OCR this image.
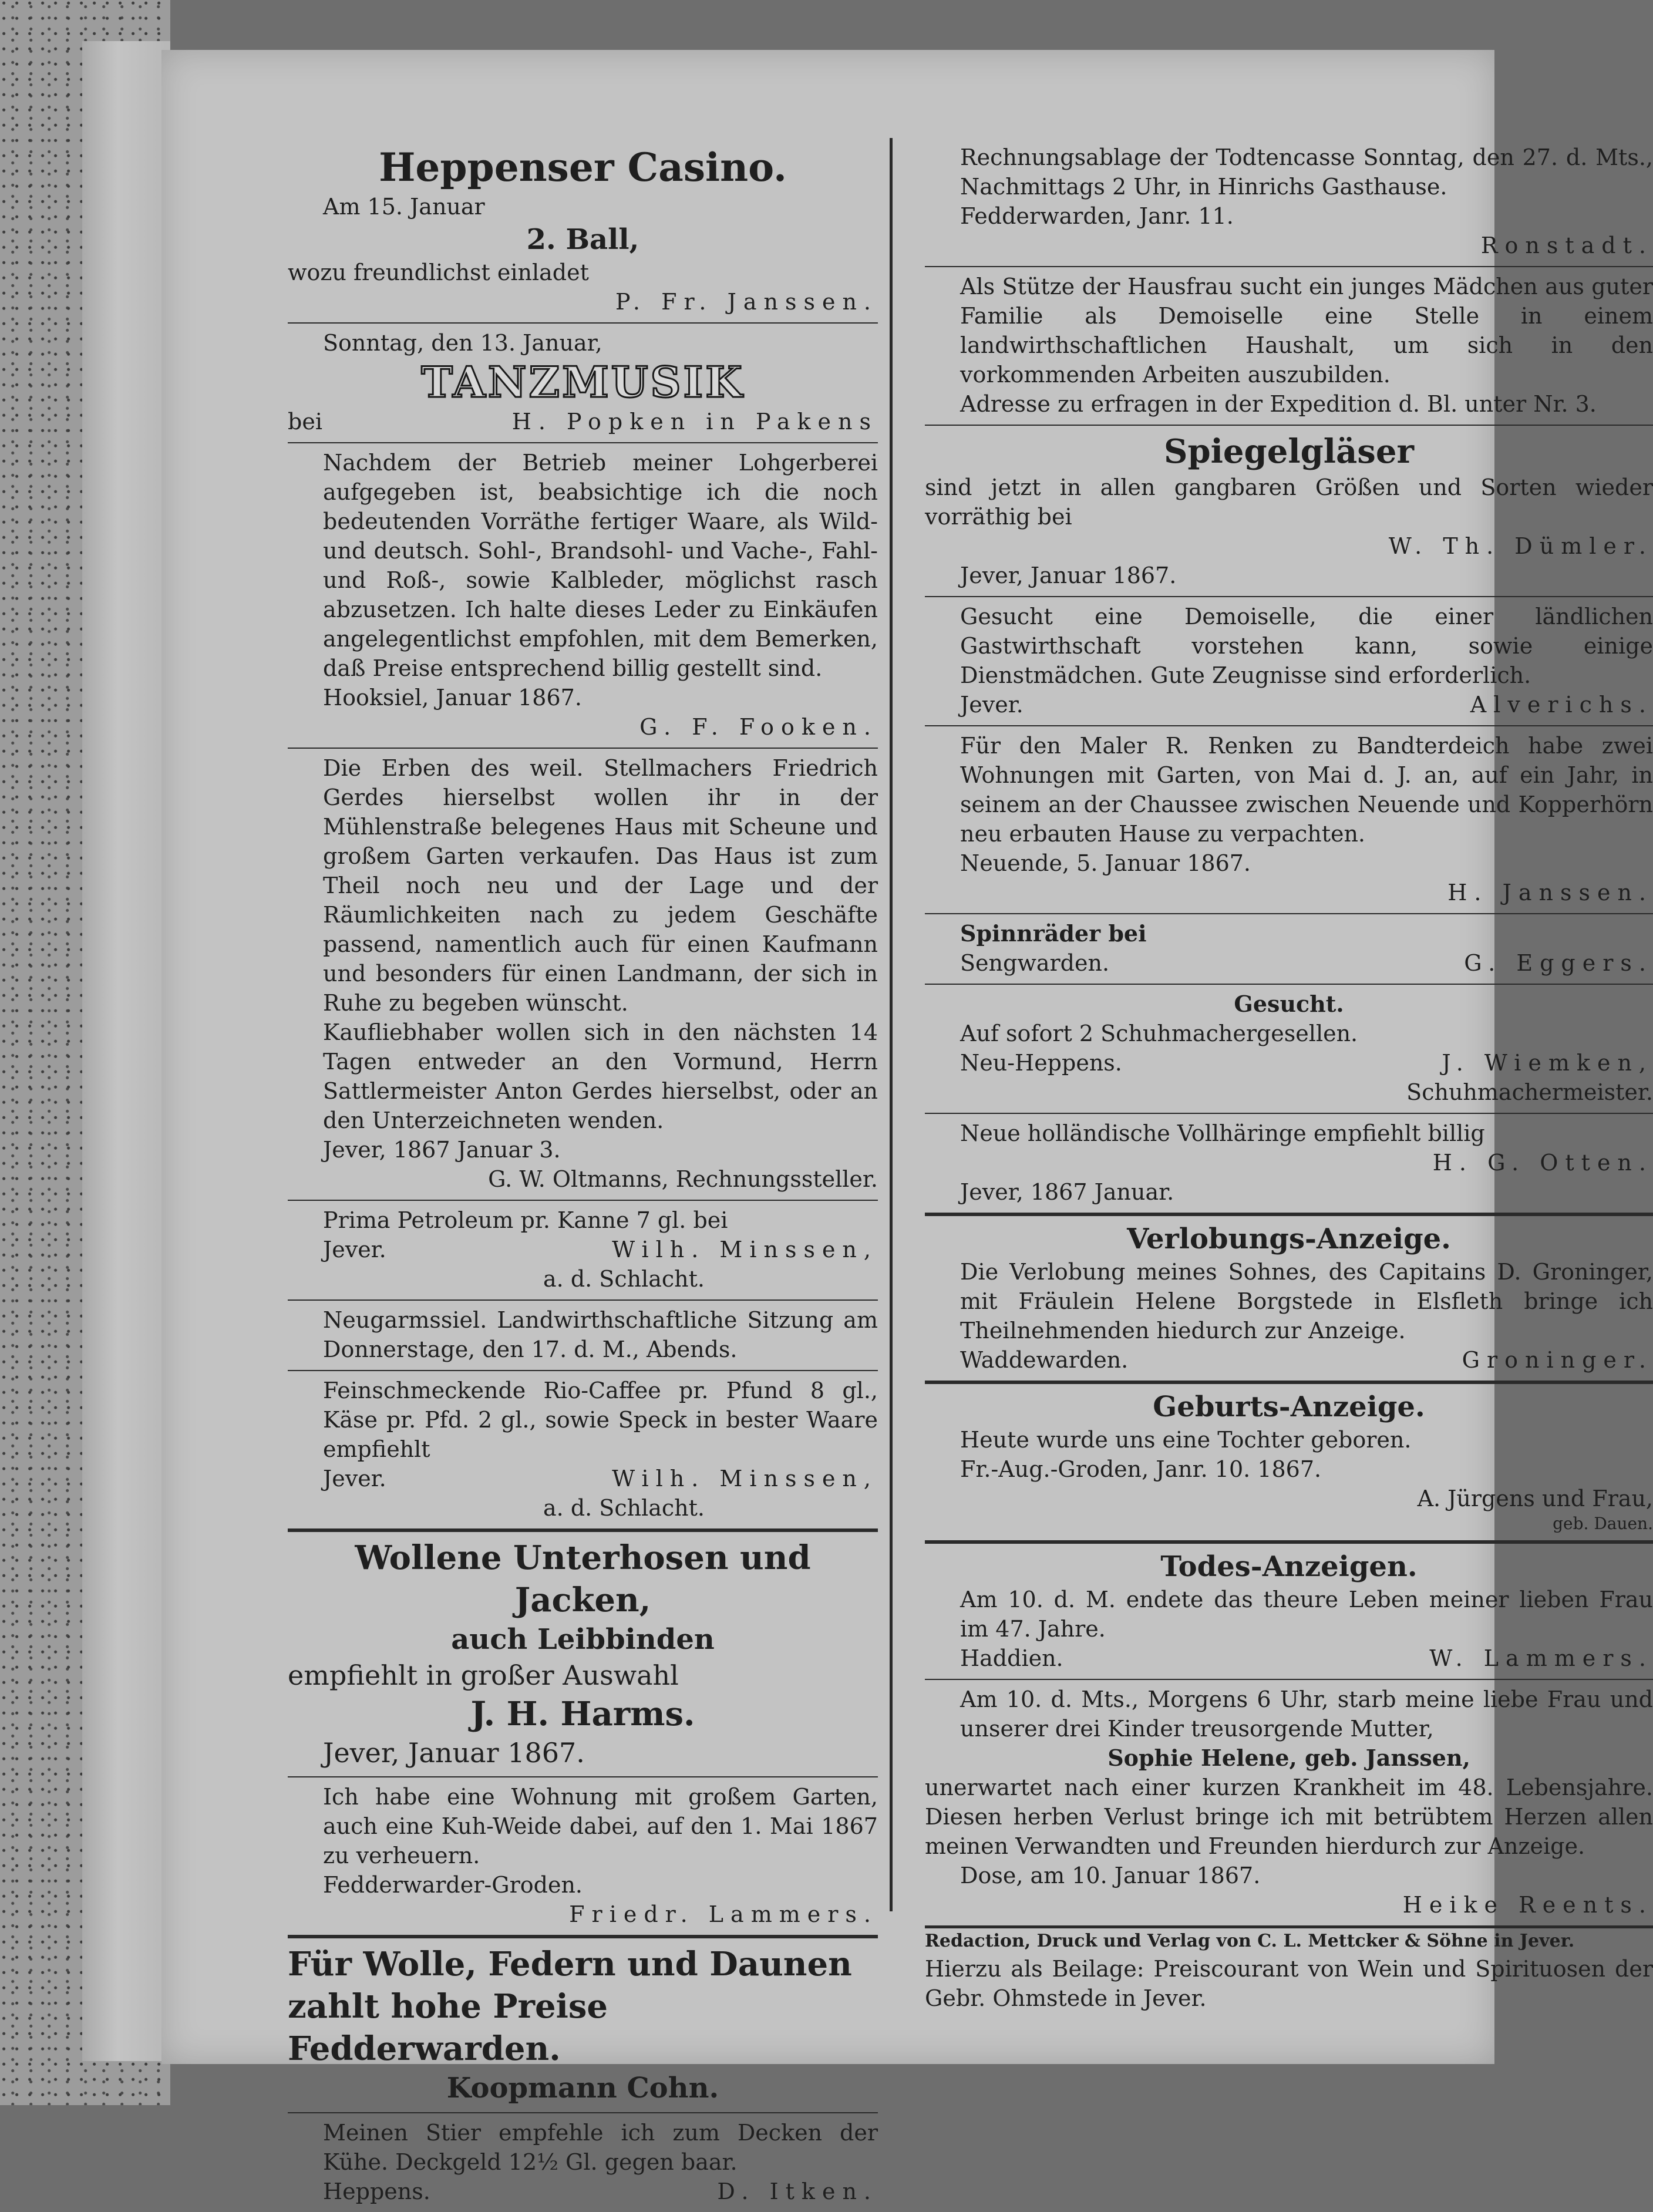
Heppenser Casino.
Am 15. Januar
2. Ball,
wozu freundlichst einladet
P. Fr. Janssen.
Sonntag, den 13. Januar,
TANZMUSIK
bei	H. Popken in Pakens
Nachdem der Betrieb meiner Lohgerberei aufgegeben ist, beabsichtige ich die noch bedeutenden Vorräthe fertiger Waare, als Wild- und deutsch. Sohl-, Brandsohl- und Vache-, Fahl- und Roß-, sowie Kalbleder, möglichst rasch abzusetzen. Ich halte dieses Leder zu Einkäufen angelegentlichst empfohlen, mit dem Bemerken, daß Preise entsprechend billig gestellt sind.
Hooksiel, Januar 1867.
G. F. Fooken.
Die Erben des weil. Stellmachers Friedrich Gerdes hierselbst wollen ihr in der Mühlenstraße belegenes Haus mit Scheune und großem Garten verkaufen. Das Haus ist zum Theil noch neu und der Lage und der Räumlichkeiten nach zu jedem Geschäfte passend, namentlich auch für einen Kaufmann und besonders für einen Landmann, der sich in Ruhe zu begeben wünscht.
Kaufliebhaber wollen sich in den nächsten 14 Tagen entweder an den Vormund, Herrn Sattlermeister Anton Gerdes hierselbst, oder an den Unterzeichneten wenden.
Jever, 1867 Januar 3.
G. W. Oltmanns, Rechnungssteller.
Prima Petroleum pr. Kanne 7 gl. bei
Jever.	Wilh. Minssen,
a. d. Schlacht.
Neugarmssiel. Landwirthschaftliche Sitzung am Donnerstage, den 17. d. M., Abends.
Feinschmeckende Rio-Caffee pr. Pfund 8 gl., Käse pr. Pfd. 2 gl., sowie Speck in bester Waare empfiehlt
Jever.	Wilh. Minssen,
a. d. Schlacht.
Wollene Unterhosen und Jacken,
auch Leibbinden
empfiehlt in großer Auswahl
J. H. Harms.
Jever, Januar 1867.
Ich habe eine Wohnung mit großem Garten, auch eine Kuh-Weide dabei, auf den 1. Mai 1867 zu verheuern.
Fedderwarder-Groden.
Friedr. Lammers.
Für Wolle, Federn und Daunen
zahlt hohe Preise
Fedderwarden.
Koopmann Cohn.
Meinen Stier empfehle ich zum Decken der Kühe. Deckgeld 12½ Gl. gegen baar.
Heppens.	D. Itken.
Rechnungsablage der Todtencasse Sonntag, den 27. d. Mts., Nachmittags 2 Uhr, in Hinrichs Gasthause.
Fedderwarden, Janr. 11.
Ronstadt.
Als Stütze der Hausfrau sucht ein junges Mädchen aus guter Familie als Demoiselle eine Stelle in einem landwirthschaftlichen Haushalt, um sich in den vorkommenden Arbeiten auszubilden.
Adresse zu erfragen in der Expedition d. Bl. unter Nr. 3.
Spiegelgläser
sind jetzt in allen gangbaren Größen und Sorten wieder vorräthig bei
W. Th. Dümler.
Jever, Januar 1867.
Gesucht eine Demoiselle, die einer ländlichen Gastwirthschaft vorstehen kann, sowie einige Dienstmädchen. Gute Zeugnisse sind erforderlich.
Jever.	Alverichs.
Für den Maler R. Renken zu Bandterdeich habe zwei Wohnungen mit Garten, von Mai d. J. an, auf ein Jahr, in seinem an der Chaussee zwischen Neuende und Kopperhörn neu erbauten Hause zu verpachten.
Neuende, 5. Januar 1867.
H. Janssen.
Spinnräder bei
Sengwarden.	G. Eggers.
Gesucht.
Auf sofort 2 Schuhmachergesellen.
Neu-Heppens.	J. Wiemken,
Schuhmachermeister.
Neue holländische Vollhäringe empfiehlt billig
H. G. Otten.
Jever, 1867 Januar.
Verlobungs-Anzeige.
Die Verlobung meines Sohnes, des Capitains D. Groninger, mit Fräulein Helene Borgstede in Elsfleth bringe ich Theilnehmenden hiedurch zur Anzeige.
Waddewarden.	Groninger.
Geburts-Anzeige.
Heute wurde uns eine Tochter geboren.
Fr.-Aug.-Groden, Janr. 10. 1867.
A. Jürgens und Frau,
geb. Dauen.
Todes-Anzeigen.
Am 10. d. M. endete das theure Leben meiner lieben Frau im 47. Jahre.
Haddien.	W. Lammers.
Am 10. d. Mts., Morgens 6 Uhr, starb meine liebe Frau und unserer drei Kinder treusorgende Mutter,
Sophie Helene, geb. Janssen,
unerwartet nach einer kurzen Krankheit im 48. Lebensjahre. Diesen herben Verlust bringe ich mit betrübtem Herzen allen meinen Verwandten und Freunden hierdurch zur Anzeige.
Dose, am 10. Januar 1867.
Heike Reents.
Redaction, Druck und Verlag von C. L. Mettcker & Söhne in Jever.
Hierzu als Beilage: Preiscourant von Wein und Spirituosen der Gebr. Ohmstede in Jever.
